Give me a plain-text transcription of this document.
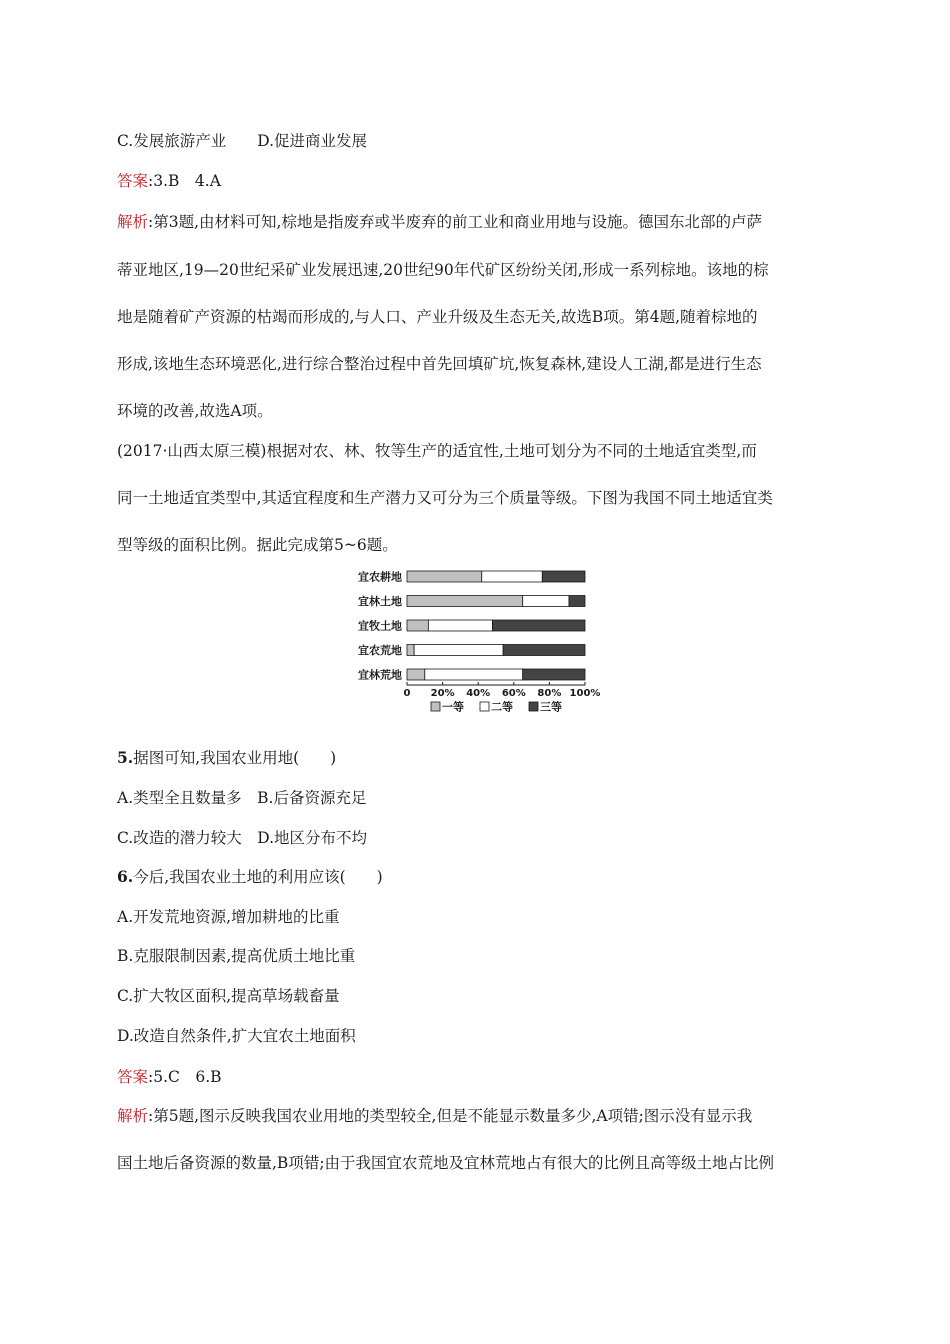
C.发展旅游产业　　D.促进商业发展
答案:3.B　4.A
解析:第3题,由材料可知,棕地是指废弃或半废弃的前工业和商业用地与设施。德国东北部的卢萨
蒂亚地区,19—20世纪采矿业发展迅速,20世纪90年代矿区纷纷关闭,形成一系列棕地。该地的棕
地是随着矿产资源的枯竭而形成的,与人口、产业升级及生态无关,故选B项。第4题,随着棕地的
形成,该地生态环境恶化,进行综合整治过程中首先回填矿坑,恢复森林,建设人工湖,都是进行生态
环境的改善,故选A项。
(2017·山西太原三模)根据对农、林、牧等生产的适宜性,土地可划分为不同的土地适宜类型,而
同一土地适宜类型中,其适宜程度和生产潜力又可分为三个质量等级。下图为我国不同土地适宜类
型等级的面积比例。据此完成第5~6题。
宜农耕地
宜林土地
宜牧土地
宜农荒地
宜林荒地
0 20% 40% 60% 80% 100%
一等 二等 三等
5.据图可知,我国农业用地(　　)
A.类型全且数量多　B.后备资源充足
C.改造的潜力较大　D.地区分布不均
6.今后,我国农业土地的利用应该(　　)
A.开发荒地资源,增加耕地的比重
B.克服限制因素,提高优质土地比重
C.扩大牧区面积,提高草场载畜量
D.改造自然条件,扩大宜农土地面积
答案:5.C　6.B
解析:第5题,图示反映我国农业用地的类型较全,但是不能显示数量多少,A项错;图示没有显示我
国土地后备资源的数量,B项错;由于我国宜农荒地及宜林荒地占有很大的比例且高等级土地占比例
